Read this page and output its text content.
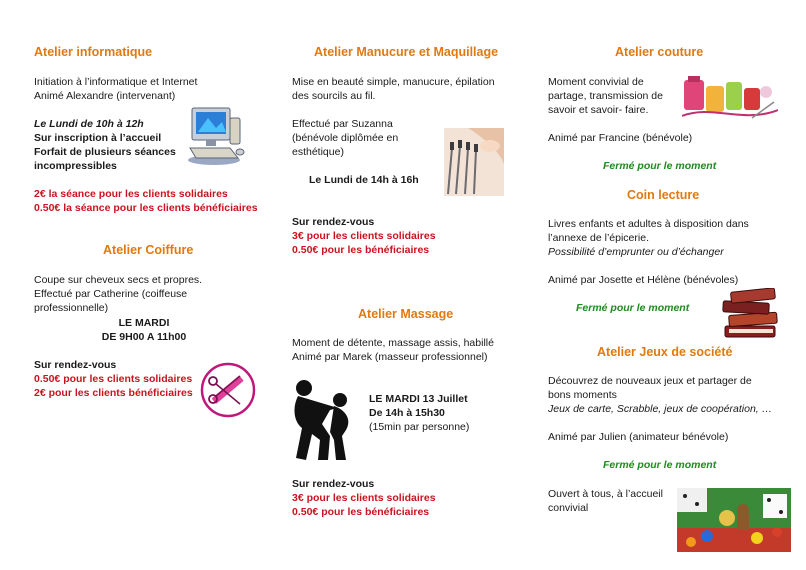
Atelier informatique

Initiation à l’informatique et Internet

Animé Alexandre (intervenant)

Le Lundi de 10h à 12h

Sur inscription à l’accueil

Forfait de plusieurs séances incompressibles

2€ la séance pour les clients solidaires

0.50€ la séance pour les clients bénéficiaires

Atelier Coiffure

Coupe sur cheveux secs et propres.

Effectué par Catherine (coiffeuse professionnelle)

LE MARDI

DE 9H00 A 11h00

Sur rendez-vous

0.50€ pour les clients solidaires

2€ pour les clients bénéficiaires

Atelier Manucure et Maquillage

Mise en beauté simple, manucure, épilation des sourcils au fil.

Effectué par Suzanna (bénévole diplômée en esthétique)

Le Lundi de 14h à 16h

Sur rendez-vous

3€ pour les clients solidaires

0.50€ pour les bénéficiaires

Atelier Massage

Moment de détente, massage assis, habillé

Animé par Marek (masseur professionnel)

LE MARDI 13 Juillet

De 14h à 15h30

(15min par personne)

Sur rendez-vous

3€ pour les clients solidaires

0.50€ pour les bénéficiaires

Atelier couture

Moment convivial de partage, transmission de savoir et savoir- faire.

Animé par Francine (bénévole)

Fermé pour le moment

Coin lecture

Livres enfants et adultes à disposition dans l’annexe de l’épicerie.

Possibilité d’emprunter ou d’échanger

Animé par Josette et Hélène (bénévoles)

Fermé pour le moment

Atelier Jeux de société

Découvrez de nouveaux jeux et partager de bons moments

Jeux de carte, Scrabble, jeux de coopération, …

Animé par Julien (animateur bénévole)

Fermé pour le moment

Ouvert à tous, à l’accueil convivial
